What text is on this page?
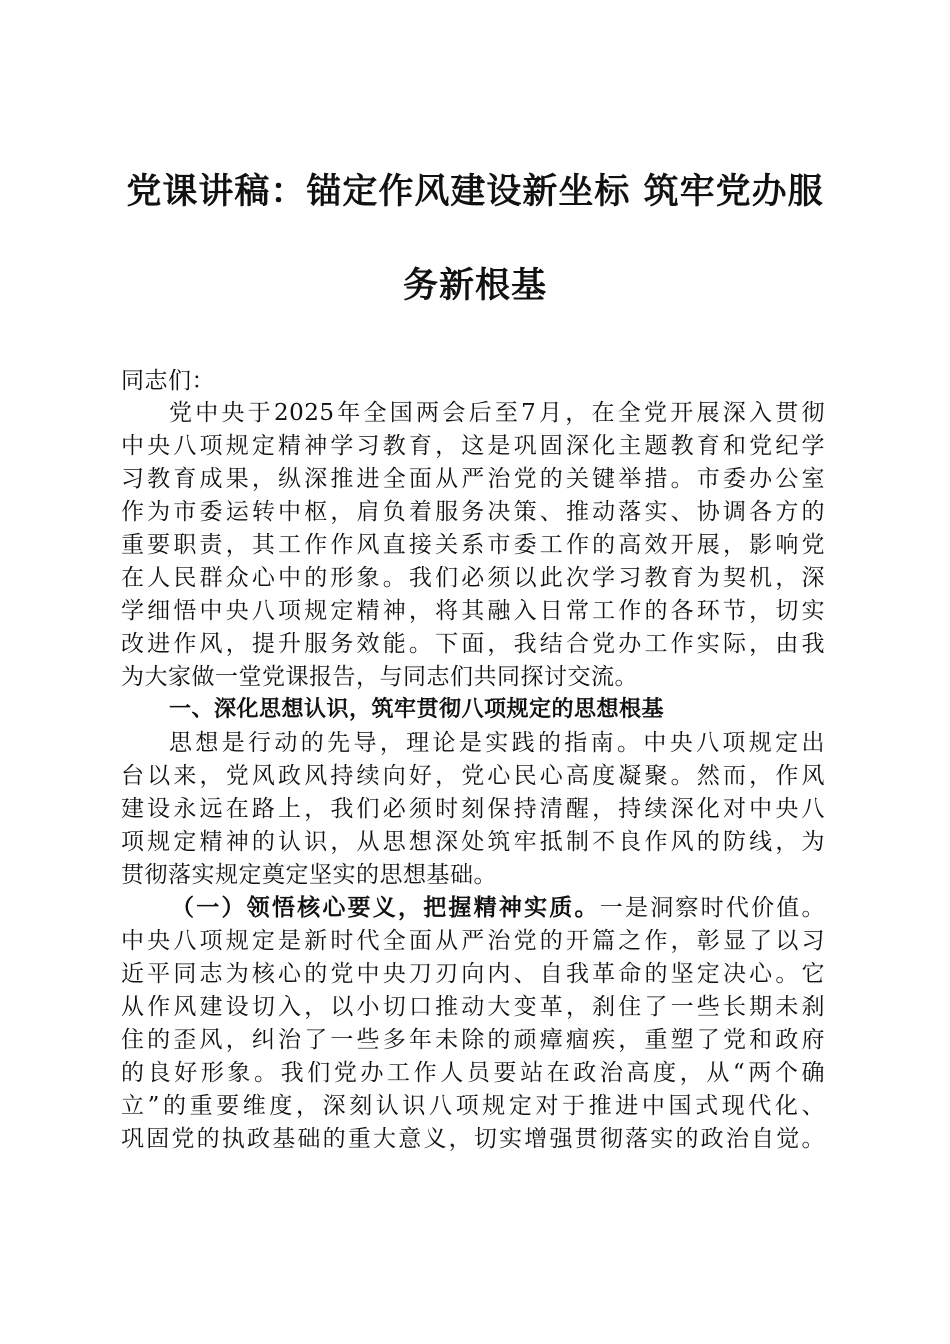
党课讲稿：锚定作风建设新坐标 筑牢党办服
务新根基
同志们：
党中央于2025年全国两会后至7月，在全党开展深入贯彻
中央八项规定精神学习教育，这是巩固深化主题教育和党纪学
习教育成果，纵深推进全面从严治党的关键举措。市委办公室
作为市委运转中枢，肩负着服务决策、推动落实、协调各方的
重要职责，其工作作风直接关系市委工作的高效开展，影响党
在人民群众心中的形象。我们必须以此次学习教育为契机，深
学细悟中央八项规定精神，将其融入日常工作的各环节，切实
改进作风，提升服务效能。下面，我结合党办工作实际，由我
为大家做一堂党课报告，与同志们共同探讨交流。
一、深化思想认识，筑牢贯彻八项规定的思想根基
思想是行动的先导，理论是实践的指南。中央八项规定出
台以来，党风政风持续向好，党心民心高度凝聚。然而，作风
建设永远在路上，我们必须时刻保持清醒，持续深化对中央八
项规定精神的认识，从思想深处筑牢抵制不良作风的防线，为
贯彻落实规定奠定坚实的思想基础。
（一）领悟核心要义，把握精神实质。一是洞察时代价值。
中央八项规定是新时代全面从严治党的开篇之作，彰显了以习
近平同志为核心的党中央刀刃向内、自我革命的坚定决心。它
从作风建设切入，以小切口推动大变革，刹住了一些长期未刹
住的歪风，纠治了一些多年未除的顽瘴痼疾，重塑了党和政府
的良好形象。我们党办工作人员要站在政治高度，从“两个确
立”的重要维度，深刻认识八项规定对于推进中国式现代化、
巩固党的执政基础的重大意义，切实增强贯彻落实的政治自觉。
